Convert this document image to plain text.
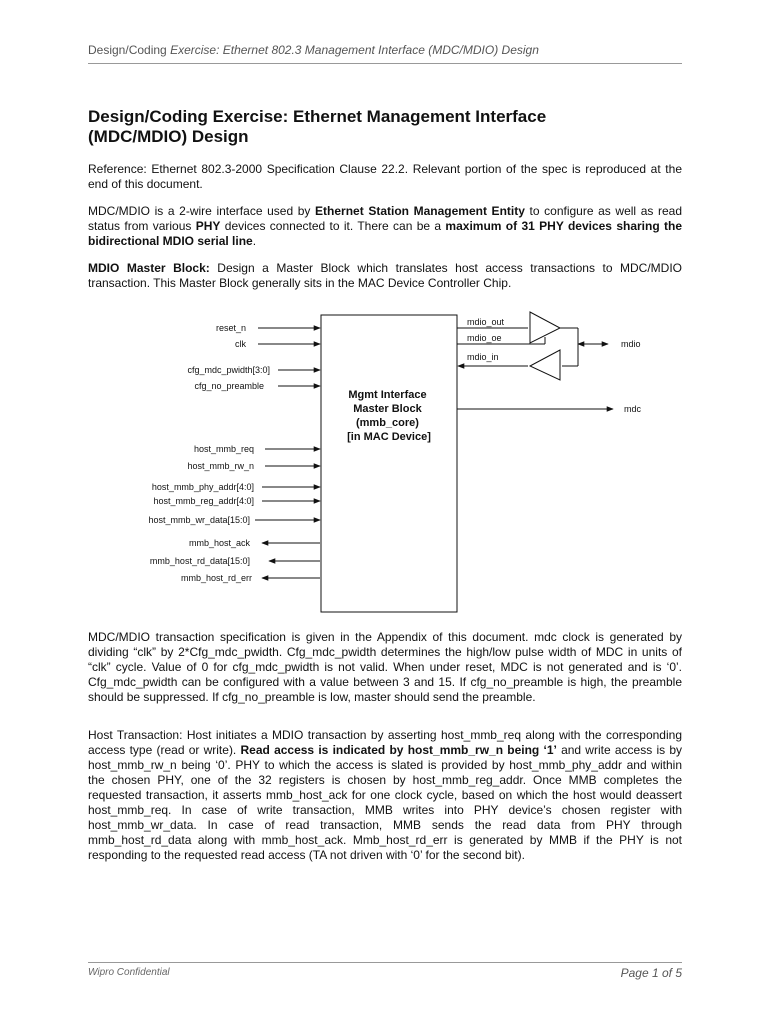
Design/Coding Exercise: Ethernet 802.3 Management Interface (MDC/MDIO) Design
Design/Coding Exercise: Ethernet Management Interface
(MDC/MDIO) Design
Reference: Ethernet 802.3-2000 Specification Clause 22.2. Relevant portion of the spec is reproduced at the end of this document.
MDC/MDIO is a 2-wire interface used by Ethernet Station Management Entity to configure as well as read status from various PHY devices connected to it. There can be a maximum of 31 PHY devices sharing the bidirectional MDIO serial line.
MDIO Master Block: Design a Master Block which translates host access transactions to MDC/MDIO transaction. This Master Block generally sits in the MAC Device Controller Chip.
Mgmt Interface Master Block (mmb_core) [in MAC Device]
reset_n
clk
cfg_mdc_pwidth[3:0]
cfg_no_preamble
host_mmb_req
host_mmb_rw_n
host_mmb_phy_addr[4:0]
host_mmb_reg_addr[4:0]
host_mmb_wr_data[15:0]
mmb_host_ack
mmb_host_rd_data[15:0]
mmb_host_rd_err
mdio_out
mdio_oe
mdio_in
mdio
mdc
MDC/MDIO transaction specification is given in the Appendix of this document. mdc clock is generated by dividing “clk” by 2*Cfg_mdc_pwidth. Cfg_mdc_pwidth determines the high/low pulse width of MDC in units of “clk” cycle. Value of 0 for cfg_mdc_pwidth is not valid. When under reset, MDC is not generated and is ‘0’. Cfg_mdc_pwidth can be configured with a value between 3 and 15. If cfg_no_preamble is high, the preamble should be suppressed. If cfg_no_preamble is low, master should send the preamble.
Host Transaction: Host initiates a MDIO transaction by asserting host_mmb_req along with the corresponding access type (read or write). Read access is indicated by host_mmb_rw_n being ‘1’ and write access is by host_mmb_rw_n being ‘0’. PHY to which the access is slated is provided by host_mmb_phy_addr and within the chosen PHY, one of the 32 registers is chosen by host_mmb_reg_addr. Once MMB completes the requested transaction, it asserts mmb_host_ack for one clock cycle, based on which the host would deassert host_mmb_req. In case of write transaction, MMB writes into PHY device’s chosen register with host_mmb_wr_data. In case of read transaction, MMB sends the read data from PHY through mmb_host_rd_data along with mmb_host_ack. Mmb_host_rd_err is generated by MMB if the PHY is not responding to the requested read access (TA not driven with ‘0’ for the second bit).
Wipro Confidential	Page 1 of 5
